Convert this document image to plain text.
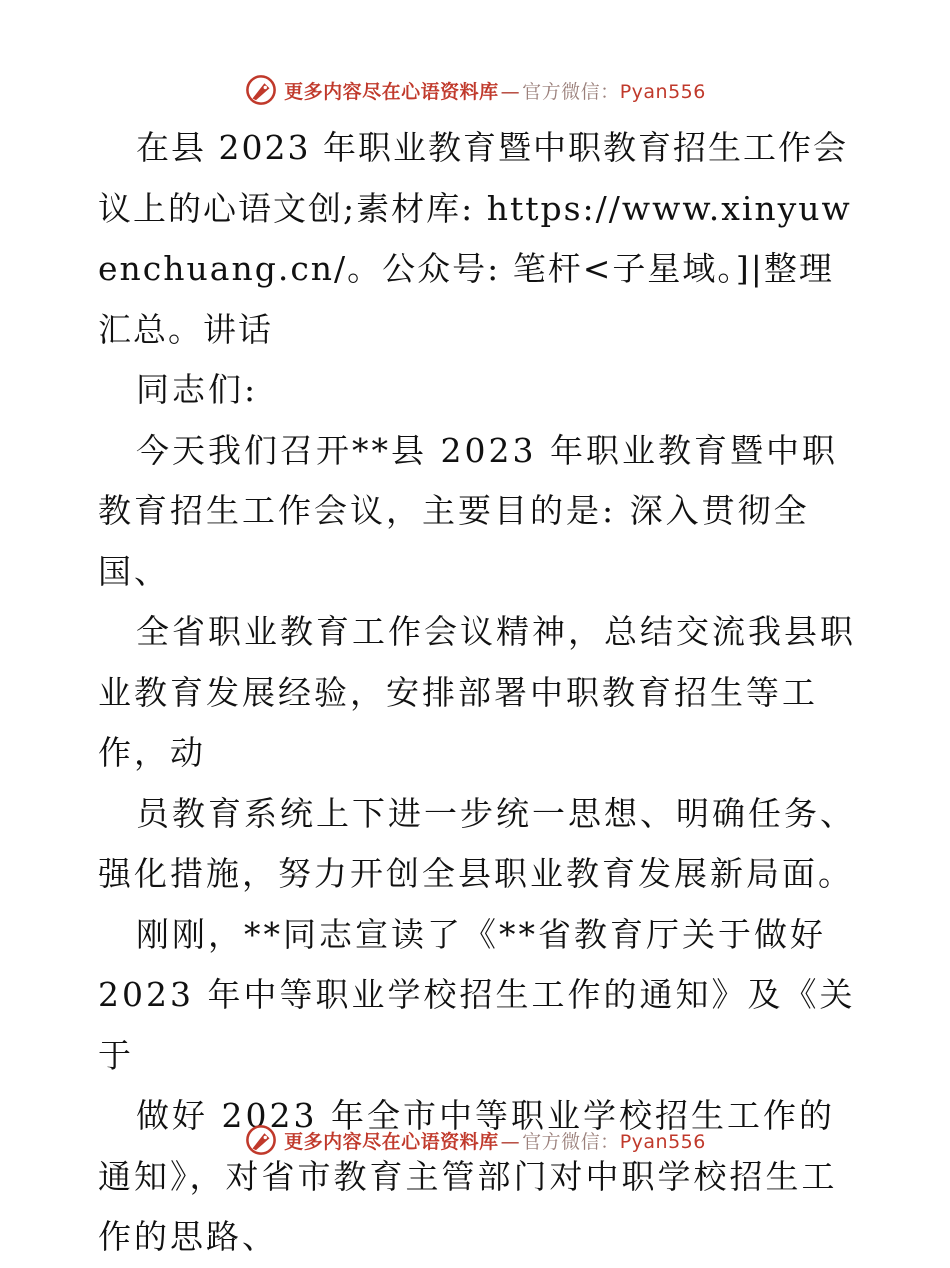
更多内容尽在心语资料库 — 官方微信：Pyan556

在县 2023 年职业教育暨中职教育招生工作会议上的心语文创;素材库: https://www.xinyuwenchuang.cn/。公众号: 笔杆<子星域。]|整理汇总。讲话

同志们:

今天我们召开**县 2023 年职业教育暨中职教育招生工作会议，主要目的是: 深入贯彻全国、

全省职业教育工作会议精神，总结交流我县职业教育发展经验，安排部署中职教育招生等工作，动

员教育系统上下进一步统一思想、明确任务、强化措施，努力开创全县职业教育发展新局面。

刚刚，**同志宣读了《**省教育厅关于做好 2023 年中等职业学校招生工作的通知》及《关于

做好 2023 年全市中等职业学校招生工作的通知》，对省市教育主管部门对中职学校招生工作的思路、

更多内容尽在心语资料库 — 官方微信：Pyan556
